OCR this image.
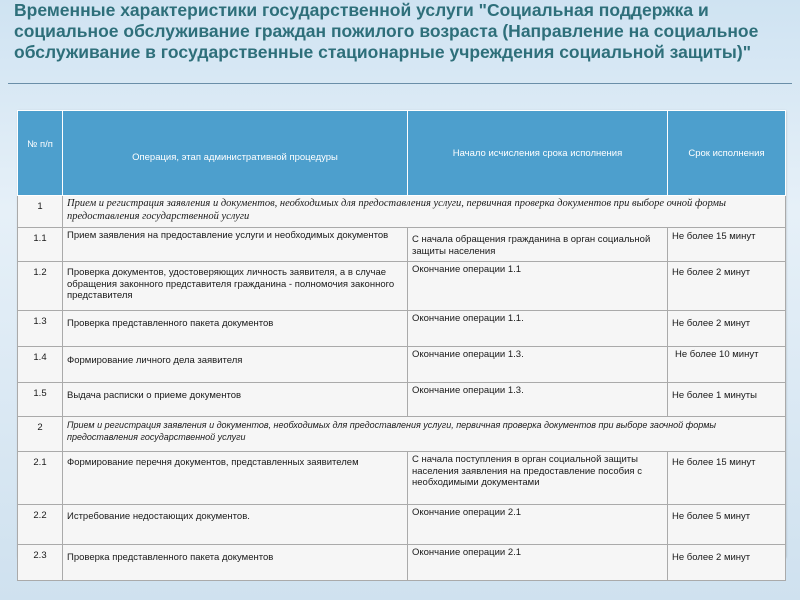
Временные характеристики государственной услуги "Социальная поддержка и социальное обслуживание граждан пожилого возраста (Направление на социальное обслуживание в государственные стационарные учреждения социальной защиты)"
№ п/п	Операция, этап административной процедуры	Начало исчисления срока исполнения	Срок исполнения
1	Прием и регистрация заявления и документов, необходимых для предоставления услуги, первичная проверка документов при выборе очной формы предоставления государственной услуги		
1.1	Прием заявления на предоставление услуги и необходимых документов	С начала обращения гражданина в орган социальной защиты населения	Не более 15 минут
1.2	Проверка документов, удостоверяющих личность заявителя, а в случае обращения законного представителя гражданина - полномочия законного представителя	Окончание операции 1.1	Не более 2 минут
1.3	Проверка представленного пакета документов	Окончание операции 1.1.	Не более 2 минут
1.4	Формирование личного дела заявителя	Окончание операции 1.3.	Не более 10 минут
1.5	Выдача расписки о приеме документов	Окончание операции 1.3.	Не более 1 минуты
2	Прием и регистрация заявления и документов, необходимых для предоставления услуги, первичная проверка документов при выборе заочной формы предоставления государственной услуги		
2.1	Формирование перечня документов, представленных заявителем	С начала поступления в орган социальной защиты населения заявления на предоставление пособия с необходимыми документами	Не более 15 минут
2.2	Истребование недостающих документов.	Окончание операции 2.1	Не более 5 минут
2.3	Проверка представленного пакета документов	Окончание операции 2.1	Не более 2 минут
